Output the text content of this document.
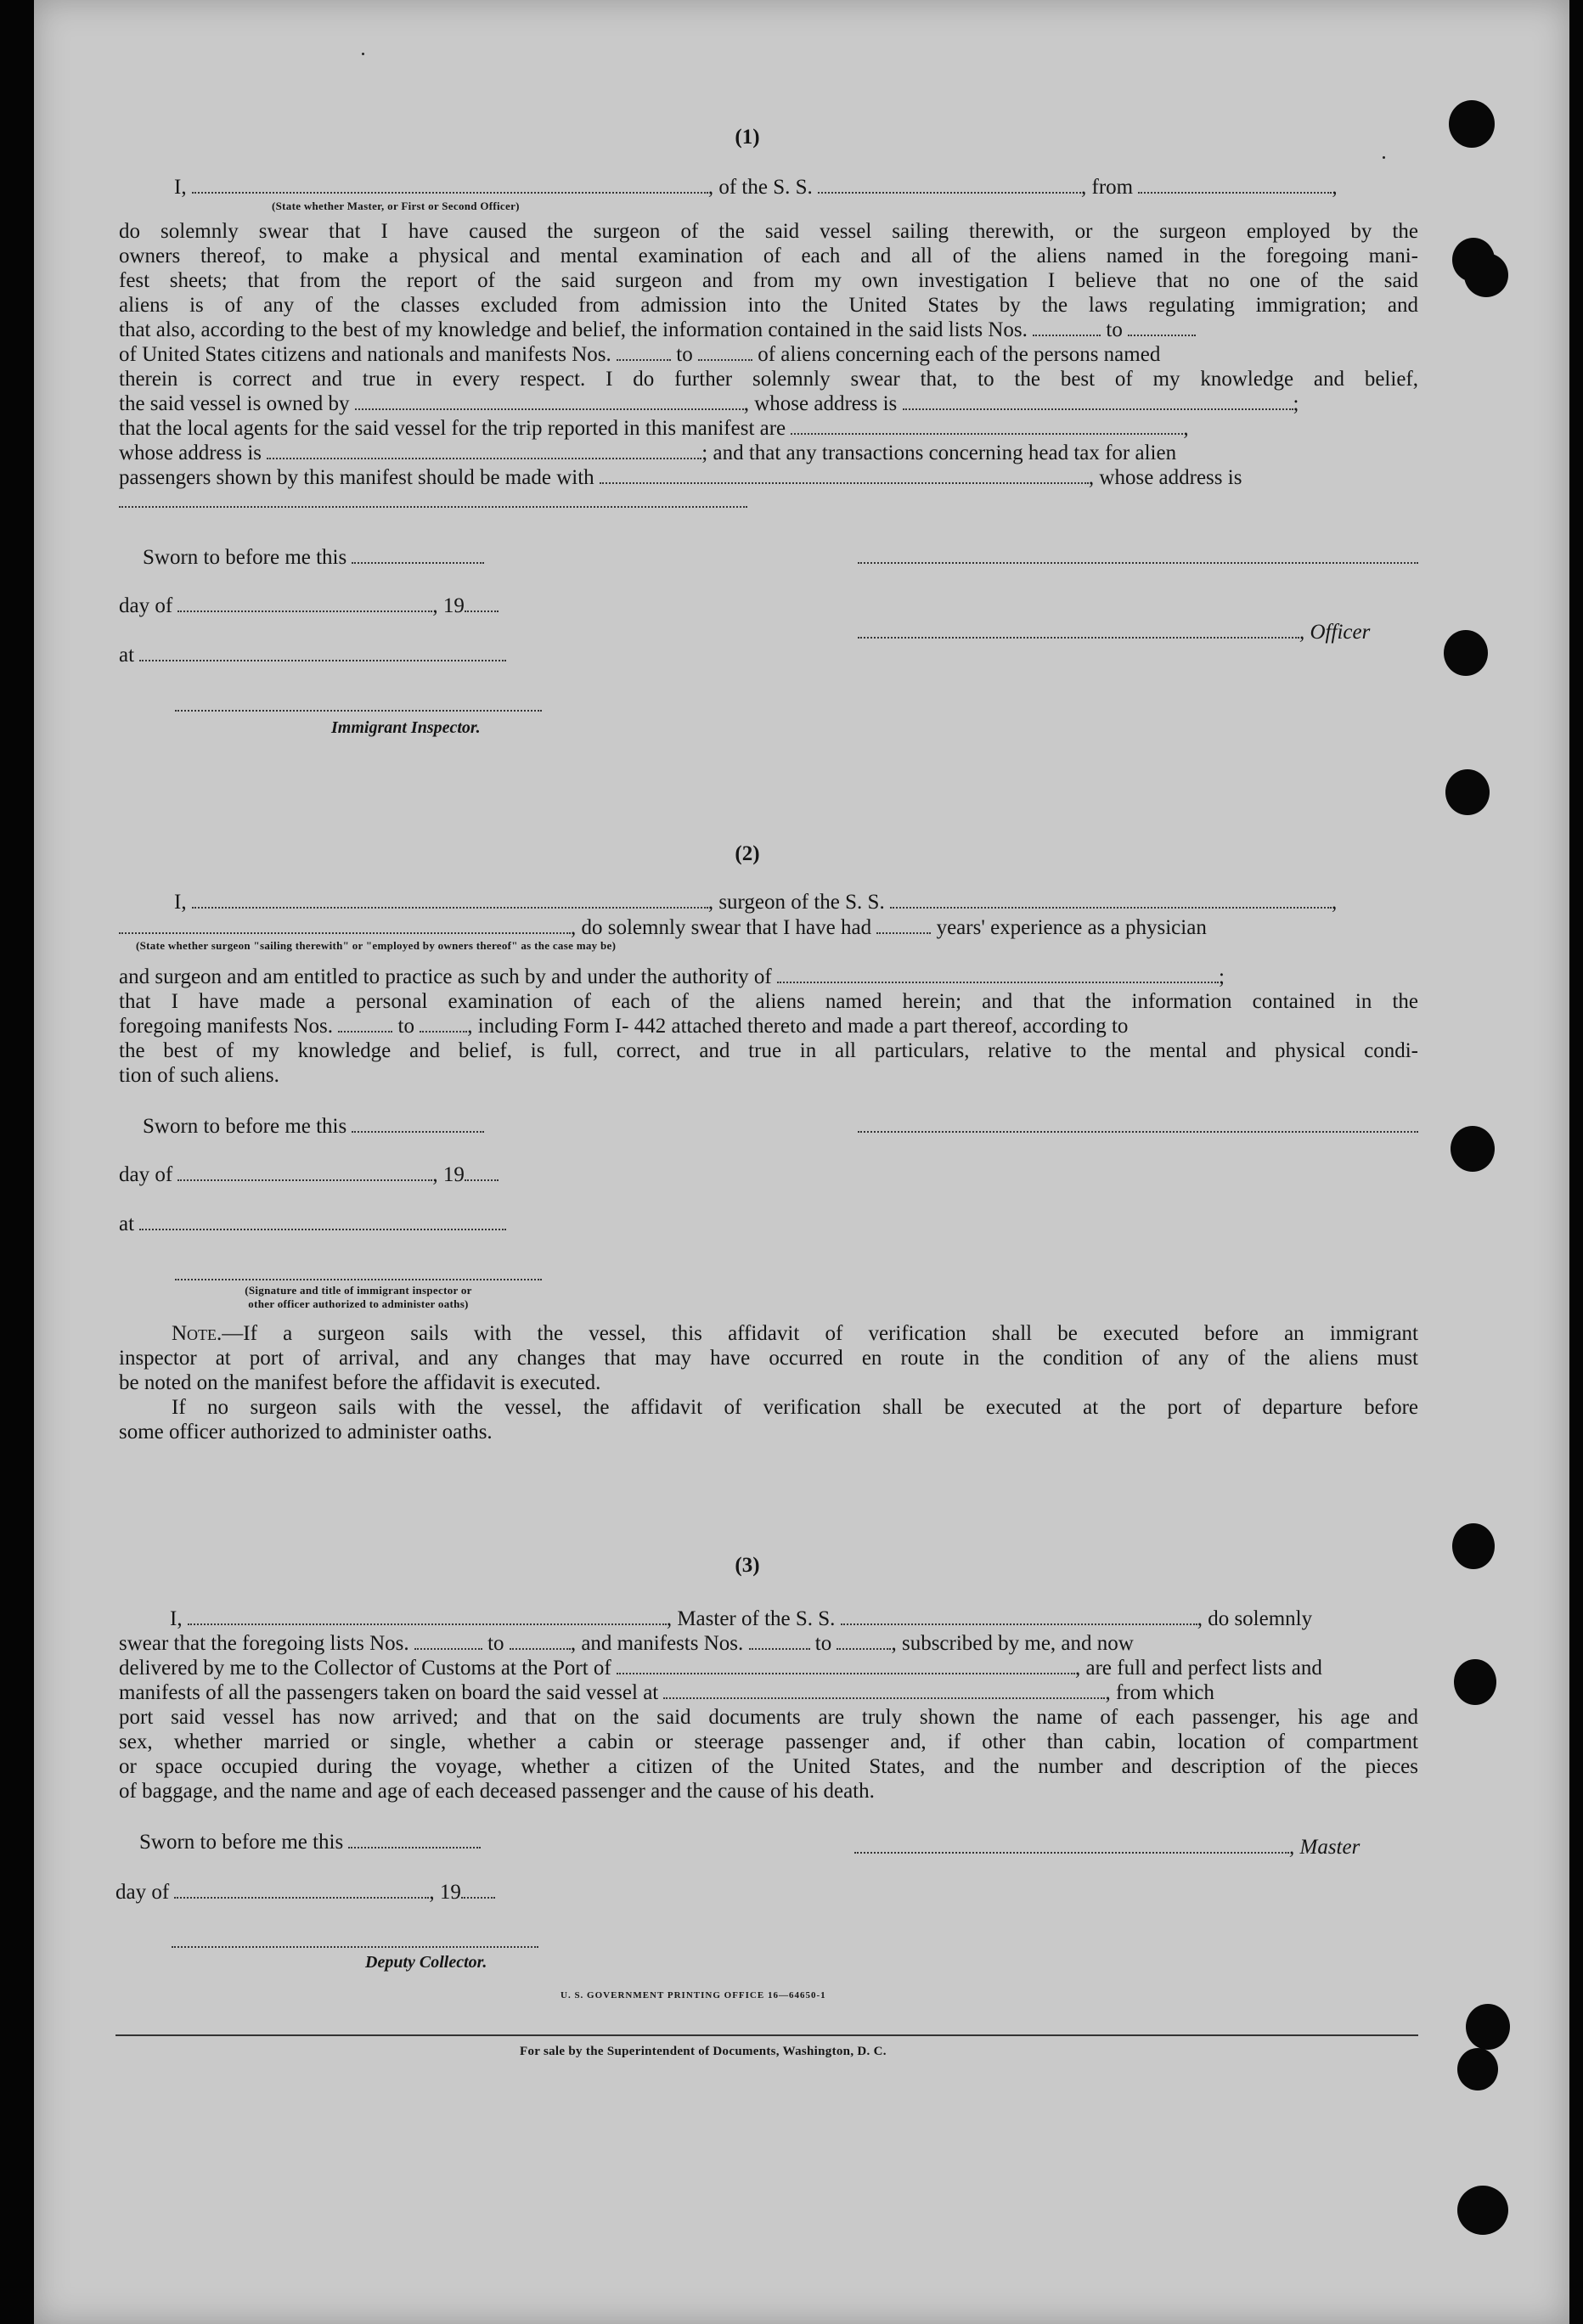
(1)
I,	, of the S. S.	, from	,
(State whether Master, or First or Second Officer)
do solemnly swear that I have caused the surgeon of the said vessel sailing therewith, or the surgeon employed by the
owners thereof, to make a physical and mental examination of each and all of the aliens named in the foregoing mani-
fest sheets; that from the report of the said surgeon and from my own investigation I believe that no one of the said
aliens is of any of the classes excluded from admission into the United States by the laws regulating immigration; and
that also, according to the best of my knowledge and belief, the information contained in the said lists Nos.	to
of United States citizens and nationals and manifests Nos.	to	of aliens concerning each of the persons named
therein is correct and true in every respect. I do further solemnly swear that, to the best of my knowledge and belief,
the said vessel is owned by	, whose address is	;
that the local agents for the said vessel for the trip reported in this manifest are	,
whose address is	; and that any transactions concerning head tax for alien
passengers shown by this manifest should be made with	, whose address is
Sworn to before me this
day of	, 19
, Officer
at
Immigrant Inspector.
(2)
I,	, surgeon of the S. S.	,
, do solemnly swear that I have had	years' experience as a physician
(State whether surgeon "sailing therewith" or "employed by owners thereof" as the case may be)
and surgeon and am entitled to practice as such by and under the authority of	;
that I have made a personal examination of each of the aliens named herein; and that the information contained in the
foregoing manifests Nos.	to , including Form I- 442 attached thereto and made a part thereof, according to
the best of my knowledge and belief, is full, correct, and true in all particulars, relative to the mental and physical condi-
tion of such aliens.
Sworn to before me this
day of	, 19
at
(Signature and title of immigrant inspector or
other officer authorized to administer oaths)
Note.—If a surgeon sails with the vessel, this affidavit of verification shall be executed before an immigrant
inspector at port of arrival, and any changes that may have occurred en route in the condition of any of the aliens must
be noted on the manifest before the affidavit is executed.
If no surgeon sails with the vessel, the affidavit of verification shall be executed at the port of departure before
some officer authorized to administer oaths.
(3)
I,	, Master of the S. S.	, do solemnly
swear that the foregoing lists Nos.	to	, and manifests Nos.	to	, subscribed by me, and now
delivered by me to the Collector of Customs at the Port of	, are full and perfect lists and
manifests of all the passengers taken on board the said vessel at	, from which
port said vessel has now arrived; and that on the said documents are truly shown the name of each passenger, his age and
sex, whether married or single, whether a cabin or steerage passenger and, if other than cabin, location of compartment
or space occupied during the voyage, whether a citizen of the United States, and the number and description of the pieces
of baggage, and the name and age of each deceased passenger and the cause of his death.
Sworn to before me this	, Master
day of	, 19
Deputy Collector.
U. S. GOVERNMENT PRINTING OFFICE 16—64650-1
For sale by the Superintendent of Documents, Washington, D. C.
